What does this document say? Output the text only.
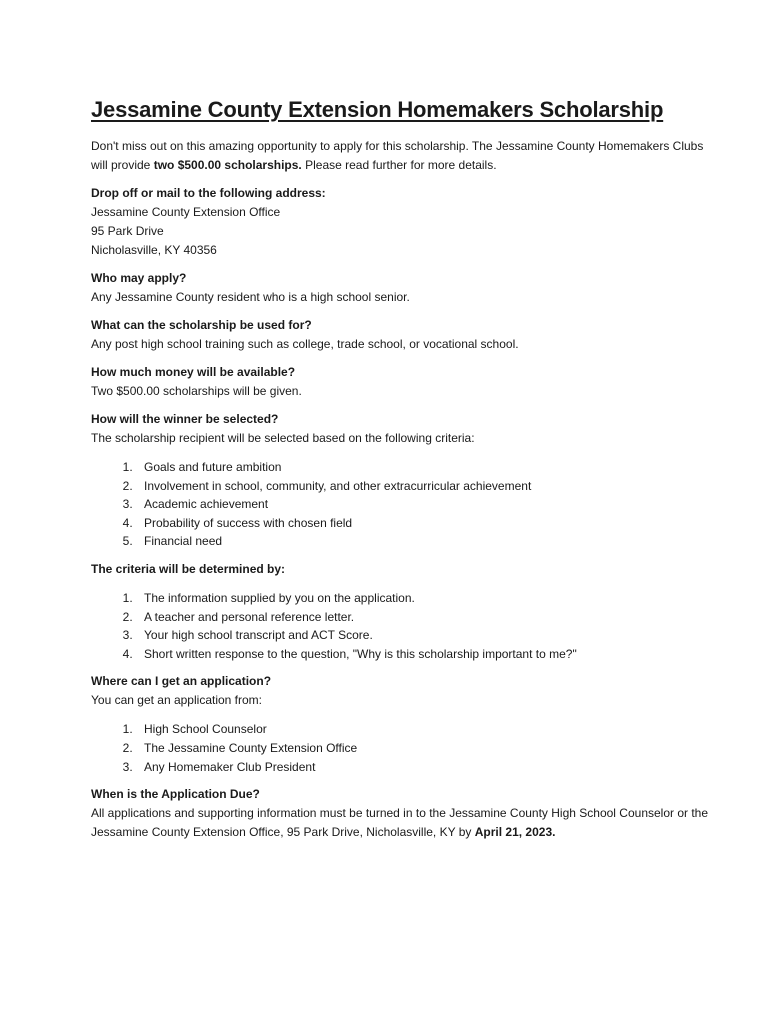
Jessamine County Extension Homemakers Scholarship

Don't miss out on this amazing opportunity to apply for this scholarship. The Jessamine County Homemakers Clubs will provide two $500.00 scholarships. Please read further for more details.

Drop off or mail to the following address:
Jessamine County Extension Office
95 Park Drive
Nicholasville, KY 40356
Who may apply?
Any Jessamine County resident who is a high school senior.
What can the scholarship be used for?
Any post high school training such as college, trade school, or vocational school.
How much money will be available?
Two $500.00 scholarships will be given.
How will the winner be selected?
The scholarship recipient will be selected based on the following criteria:
1. Goals and future ambition
2. Involvement in school, community, and other extracurricular achievement
3. Academic achievement
4. Probability of success with chosen field
5. Financial need
The criteria will be determined by:
1. The information supplied by you on the application.
2. A teacher and personal reference letter.
3. Your high school transcript and ACT Score.
4. Short written response to the question, "Why is this scholarship important to me?"
Where can I get an application?
You can get an application from:
1. High School Counselor
2. The Jessamine County Extension Office
3. Any Homemaker Club President
When is the Application Due?

All applications and supporting information must be turned in to the Jessamine County High School Counselor or the Jessamine County Extension Office, 95 Park Drive, Nicholasville, KY by April 21, 2023.
